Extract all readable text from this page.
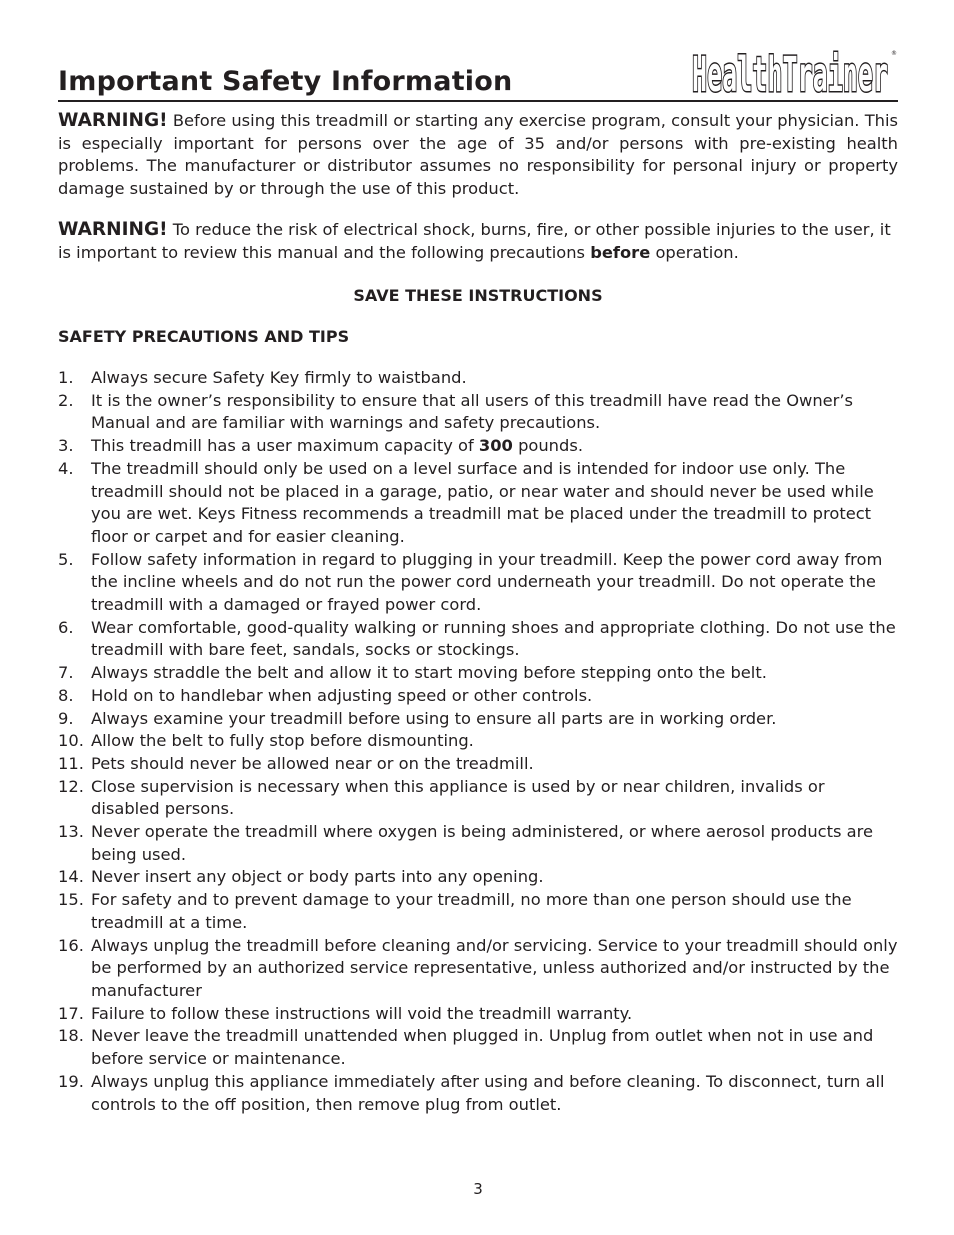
Important Safety Information	HealthTrainer ®

WARNING! Before using this treadmill or starting any exercise program, consult your physician. This is especially important for persons over the age of 35 and/or persons with pre-existing health problems. The manufacturer or distributor assumes no responsibility for personal injury or property damage sustained by or through the use of this product.

WARNING! To reduce the risk of electrical shock, burns, fire, or other possible injuries to the user, it is important to review this manual and the following precautions before operation.

SAVE THESE INSTRUCTIONS

SAFETY PRECAUTIONS AND TIPS

1. Always secure Safety Key firmly to waistband.
2. It is the owner’s responsibility to ensure that all users of this treadmill have read the Owner’s Manual and are familiar with warnings and safety precautions.
3. This treadmill has a user maximum capacity of 300 pounds.
4. The treadmill should only be used on a level surface and is intended for indoor use only. The treadmill should not be placed in a garage, patio, or near water and should never be used while you are wet. Keys Fitness recommends a treadmill mat be placed under the treadmill to protect floor or carpet and for easier cleaning.
5. Follow safety information in regard to plugging in your treadmill. Keep the power cord away from the incline wheels and do not run the power cord underneath your treadmill. Do not operate the treadmill with a damaged or frayed power cord.
6. Wear comfortable, good-quality walking or running shoes and appropriate clothing. Do not use the treadmill with bare feet, sandals, socks or stockings.
7. Always straddle the belt and allow it to start moving before stepping onto the belt.
8. Hold on to handlebar when adjusting speed or other controls.
9. Always examine your treadmill before using to ensure all parts are in working order.
10. Allow the belt to fully stop before dismounting.
11. Pets should never be allowed near or on the treadmill.
12. Close supervision is necessary when this appliance is used by or near children, invalids or disabled persons.
13. Never operate the treadmill where oxygen is being administered, or where aerosol products are being used.
14. Never insert any object or body parts into any opening.
15. For safety and to prevent damage to your treadmill, no more than one person should use the treadmill at a time.
16. Always unplug the treadmill before cleaning and/or servicing. Service to your treadmill should only be performed by an authorized service representative, unless authorized and/or instructed by the manufacturer
17. Failure to follow these instructions will void the treadmill warranty.
18. Never leave the treadmill unattended when plugged in. Unplug from outlet when not in use and before service or maintenance.
19. Always unplug this appliance immediately after using and before cleaning. To disconnect, turn all controls to the off position, then remove plug from outlet.
3
